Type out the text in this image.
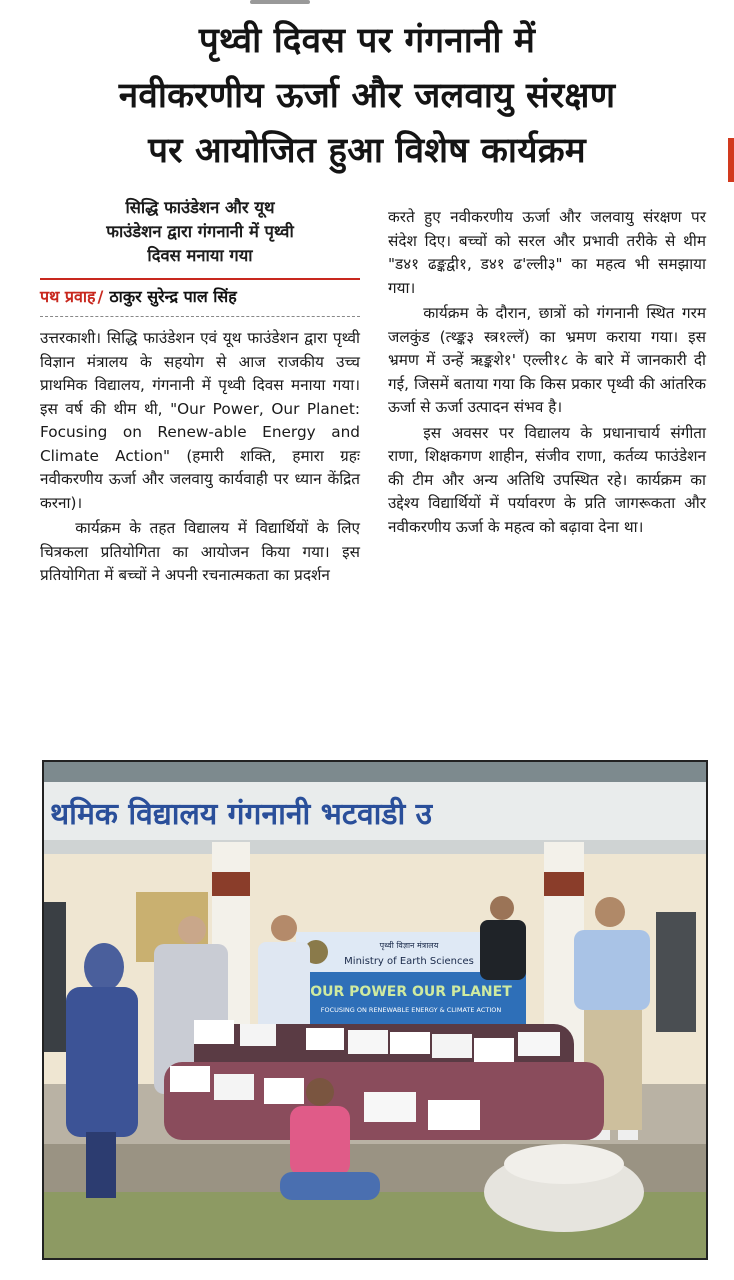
पृथ्वी दिवस पर गंगनानी में
नवीकरणीय ऊर्जा और जलवायु संरक्षण
पर आयोजित हुआ विशेष कार्यक्रम
सिद्धि फाउंडेशन और यूथ
फाउंडेशन द्वारा गंगनानी में पृथ्वी
दिवस मनाया गया
पथ प्रवाह / ठाकुर सुरेन्द्र पाल सिंह

उत्तरकाशी। सिद्धि फाउंडेशन एवं यूथ फाउंडेशन द्वारा पृथ्वी विज्ञान मंत्रालय के सहयोग से आज राजकीय उच्च प्राथमिक विद्यालय, गंगनानी में पृथ्वी दिवस मनाया गया। इस वर्ष की थीम थी, "Our Power, Our Planet: Focusing on Renew-able Energy and Climate Action" (हमारी शक्ति, हमारा ग्रहः नवीकरणीय ऊर्जा और जलवायु कार्यवाही पर ध्यान केंद्रित करना)।

कार्यक्रम के तहत विद्यालय में विद्यार्थियों के लिए चित्रकला प्रतियोगिता का आयोजन किया गया। इस प्रतियोगिता में बच्चों ने अपनी रचनात्मकता का प्रदर्शन

करते हुए नवीकरणीय ऊर्जा और जलवायु संरक्षण पर संदेश दिए। बच्चों को सरल और प्रभावी तरीके से थीम "ड४१ ढङ्कद्वी१, ड४१ ढ'ल्ली३" का महत्व भी समझाया गया।

कार्यक्रम के दौरान, छात्रों को गंगनानी स्थित गरम जलकुंड (त्थ्ङ्क३ स्त्र१ल्लॅ) का भ्रमण कराया गया। इस भ्रमण में उन्हें ऋङ्कशे१' एल्ली१८ के बारे में जानकारी दी गई, जिसमें बताया गया कि किस प्रकार पृथ्वी की आंतरिक ऊर्जा से ऊर्जा उत्पादन संभव है।

इस अवसर पर विद्यालय के प्रधानाचार्य संगीता राणा, शिक्षकगण शाहीन, संजीव राणा, कर्तव्य फाउंडेशन की टीम और अन्य अतिथि उपस्थित रहे। कार्यक्रम का उद्देश्य विद्यार्थियों में पर्यावरण के प्रति जागरूकता और नवीकरणीय ऊर्जा के महत्व को बढ़ावा देना था।

थमिक विद्यालय गंगनानी भटवाडी उ
पृथ्वी विज्ञान मंत्रालय
Ministry of Earth Sciences
OUR POWER OUR PLANET
FOCUSING ON RENEWABLE ENERGY & CLIMATE ACTION
